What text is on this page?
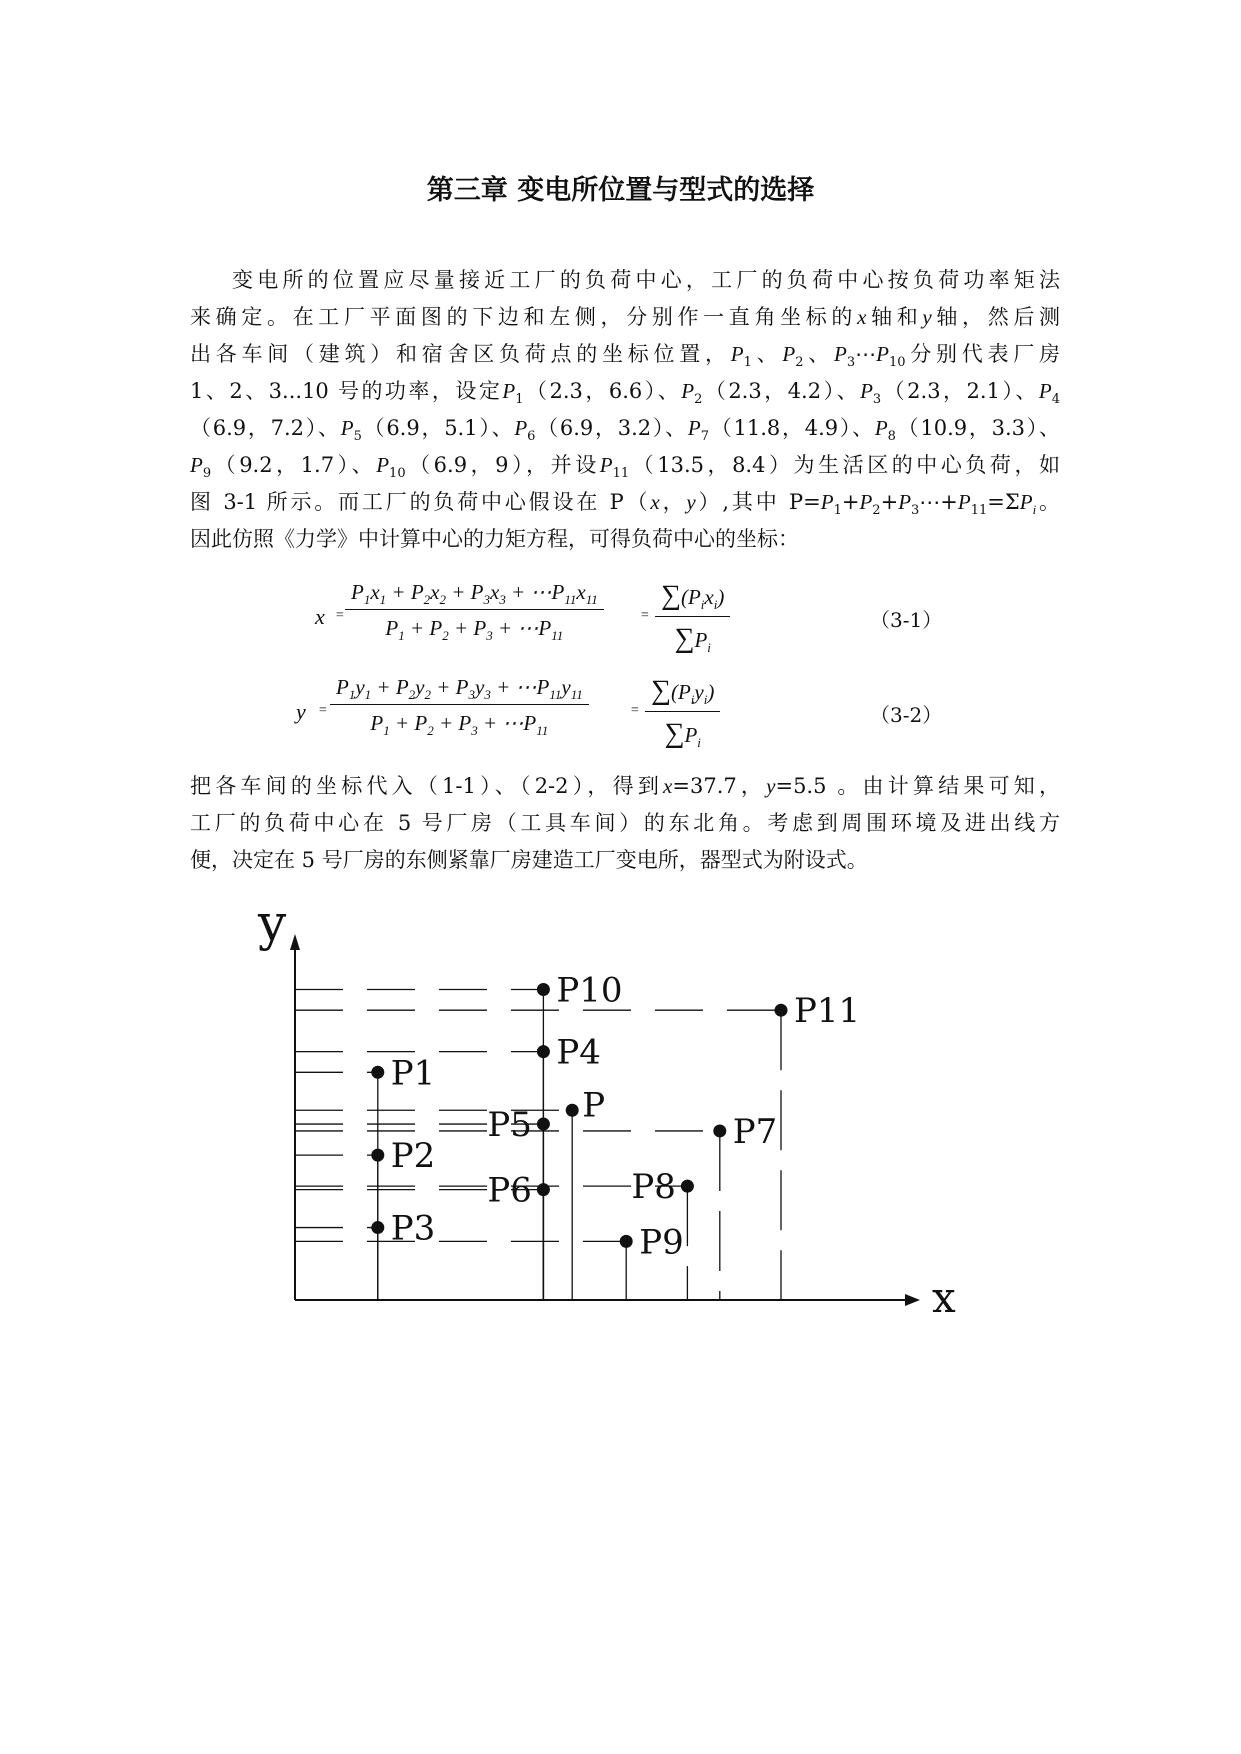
第三章 变电所位置与型式的选择
变电所的位置应尽量接近工厂的负荷中心，工厂的负荷中心按负荷功率矩法
来确定。在工厂平面图的下边和左侧，分别作一直角坐标的x轴和y轴，然后测
出各车间（建筑）和宿舍区负荷点的坐标位置，$P_1$、$P_2$、$P_3\cdots P_{10}$分别代表厂房
1、2、3...10 号的功率，设定$P_1(2.3$，6.6）、$P_2(2.3$，4.2）、$P_3(2.3$，2.1）、$P_4$
（6.9，7.2）、$P_5(6.9$，5.1）、$P_6(6.9$，3.2）、$P_7(11.8$，4.9）、$P_8(10.9$，3.3）、
$P_9(9.2$，1.7）、$P_{10}(6.9$，9），并设$P_{11}(13.5$，8.4）为生活区的中心负荷，如
图 3-1 所示。而工厂的负荷中心假设在 P（x，y）,其中 $P=P_1+P_2+P_3\cdots+P_{11}=\Sigma P_i$。
因此仿照《力学》中计算中心的力矩方程，可得负荷中心的坐标：
$x = \frac{P_1x_1 + P_2x_2 + P_3x_3 + \cdots P_{11}x_{11}}{P_1 + P_2 + P_3 + \cdots P_{11}}$	=
$\sum(P_ix_i)$
$\sum P_i$
（3-1）
$y = \frac{P_1y_1 + P_2y_2 + P_3y_3 + \cdots P_{11}y_{11}}{P_1 + P_2 + P_3 + \cdots P_{11}}$	=
$\sum(P_iy_i)$
$\sum P_i$
（3-2）
把各车间的坐标代入（1-1）、（2-2），得到x=37.7，y=5.5 。由计算结果可知，
工厂的负荷中心在 5 号厂房（工具车间）的东北角。考虑到周围环境及进出线方
便，决定在 5 号厂房的东侧紧靠厂房建造工厂变电所，器型式为附设式。
x
y
P1
P2
P3
P4
P5
P6
P7
P8
P9
P10
P11
P
